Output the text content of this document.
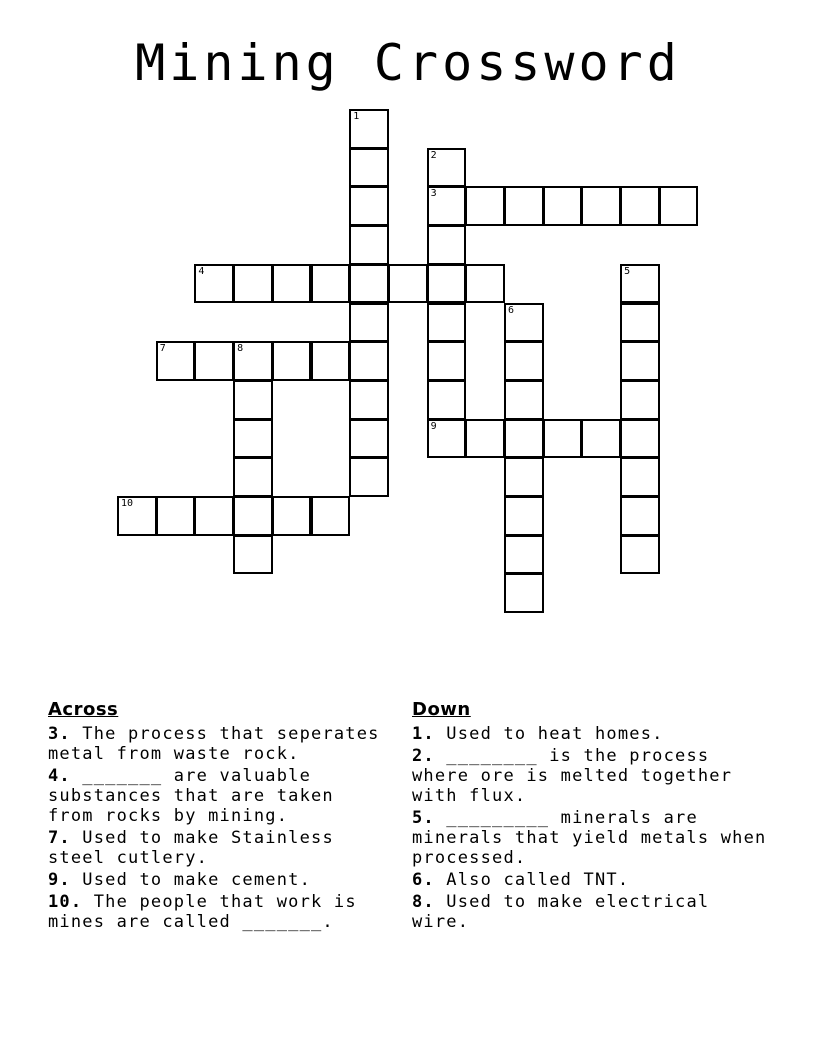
Mining Crossword
1
2
3
4	5
6
7	8
9
10
Across
3. The process that seperates metal from waste rock.
4. _______ are valuable substances that are taken from rocks by mining.
7. Used to make Stainless steel cutlery.
9. Used to make cement.
10. The people that work is mines are called _______.
Down
1. Used to heat homes.
2. ________ is the process where ore is melted together with flux.
5. _________ minerals are minerals that yield metals when processed.
6. Also called TNT.
8. Used to make electrical wire.
